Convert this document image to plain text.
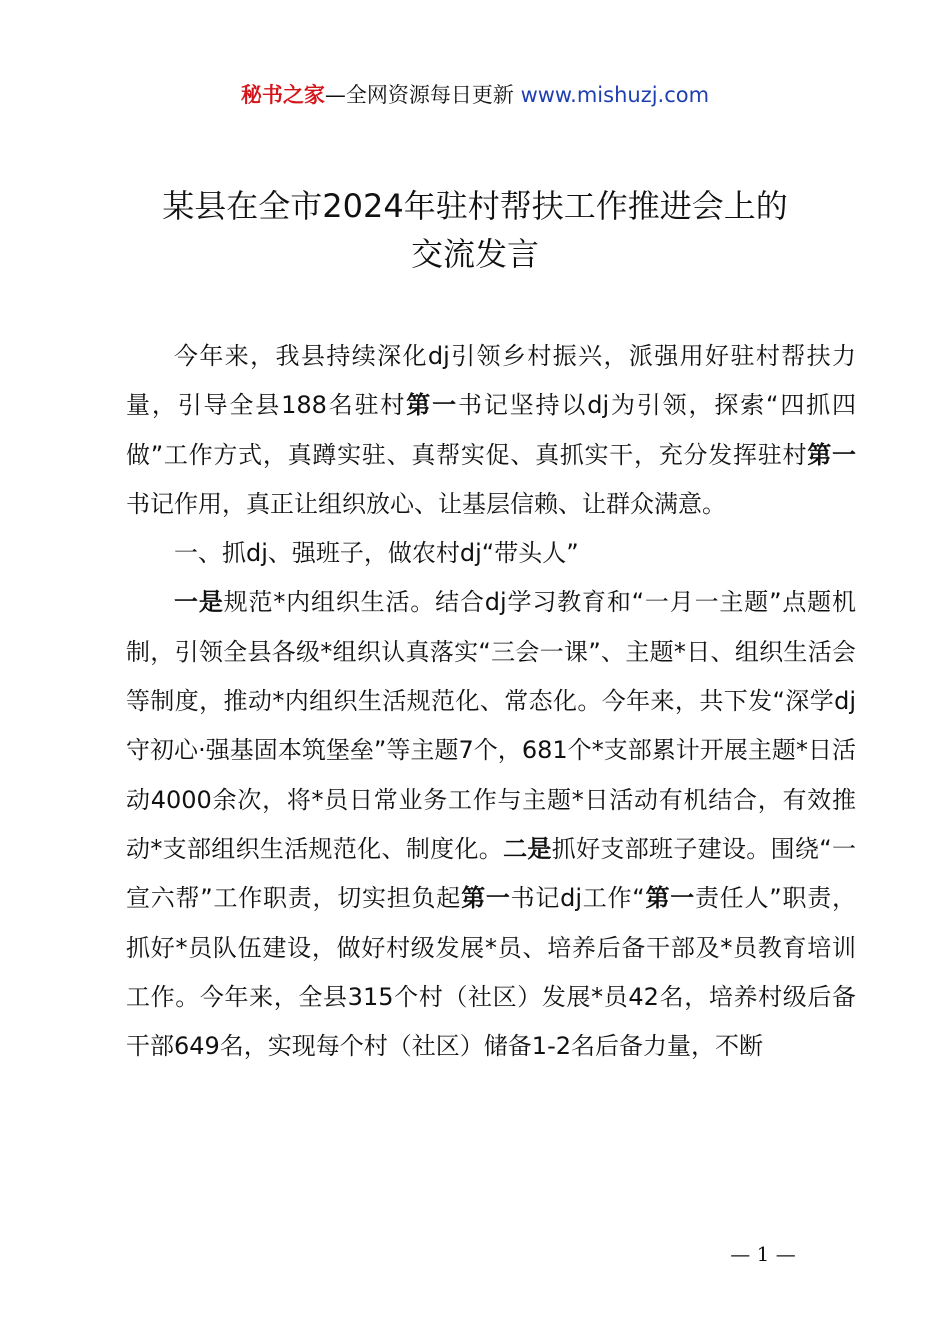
秘书之家—全网资源每日更新 www.mishuzj.com
某县在全市2024年驻村帮扶工作推进会上的
交流发言

今年来，我县持续深化dj引领乡村振兴，派强用好驻村帮扶力量，引导全县188名驻村第一书记坚持以dj为引领，探索“四抓四做”工作方式，真蹲实驻、真帮实促、真抓实干，充分发挥驻村第一书记作用，真正让组织放心、让基层信赖、让群众满意。

一、抓dj、强班子，做农村dj“带头人”

一是规范*内组织生活。结合dj学习教育和“一月一主题”点题机制，引领全县各级*组织认真落实“三会一课”、主题*日、组织生活会等制度，推动*内组织生活规范化、常态化。今年来，共下发“深学dj守初心·强基固本筑堡垒”等主题7个，681个*支部累计开展主题*日活动4000余次，将*员日常业务工作与主题*日活动有机结合，有效推动*支部组织生活规范化、制度化。二是抓好支部班子建设。围绕“一宣六帮”工作职责，切实担负起第一书记dj工作“第一责任人”职责，抓好*员队伍建设，做好村级发展*员、培养后备干部及*员教育培训工作。今年来，全县315个村（社区）发展*员42名，培养村级后备干部649名，实现每个村（社区）储备1-2名后备力量，不断

— 1 —
